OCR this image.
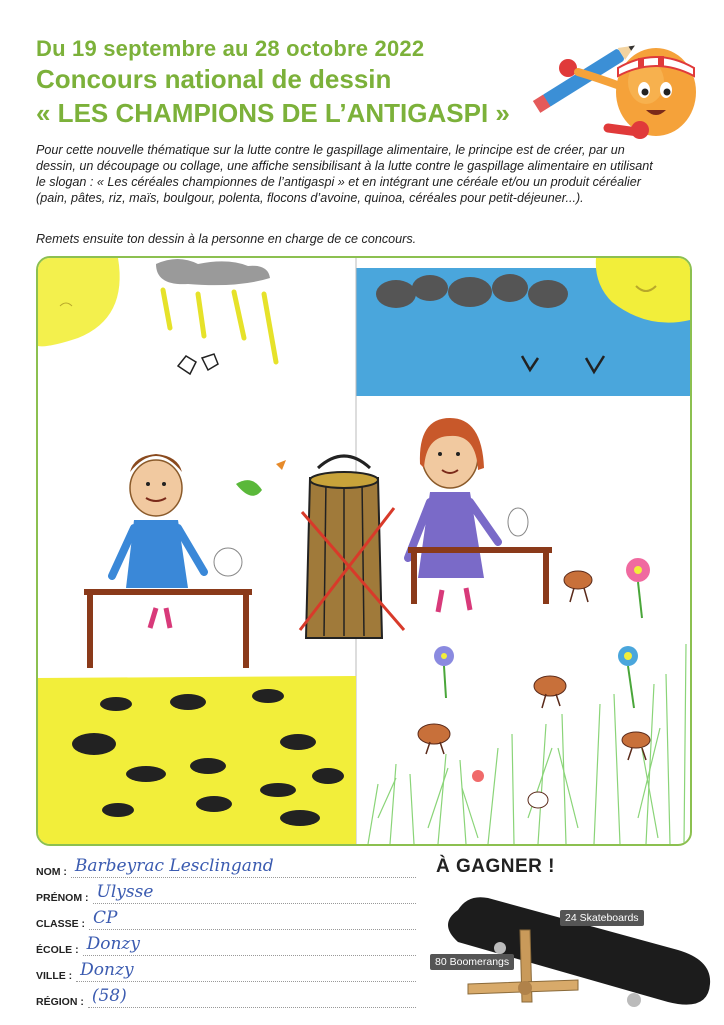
Du 19 septembre au 28 octobre 2022
Concours national de dessin
« LES CHAMPIONS DE L’ANTIGASPI »
Pour cette nouvelle thématique sur la lutte contre le gaspillage alimentaire, le principe est de créer, par un dessin, un découpage ou collage, une affiche sensibilisant à la lutte contre le gaspillage alimentaire en utilisant le slogan : « Les céréales championnes de l’antigaspi » et en intégrant une céréale et/ou un produit céréalier (pain, pâtes, riz, maïs, boulgour, polenta, flocons d’avoine, quinoa, céréales pour petit-déjeuner...).
Remets ensuite ton dessin à la personne en charge de ce concours.
NOM : Barbeyrac Lesclingand
PRÉNOM : Ulysse
CLASSE : CP
ÉCOLE : Donzy
VILLE : Donzy
RÉGION : (58)
À GAGNER !
24 Skateboards
80 Boomerangs
